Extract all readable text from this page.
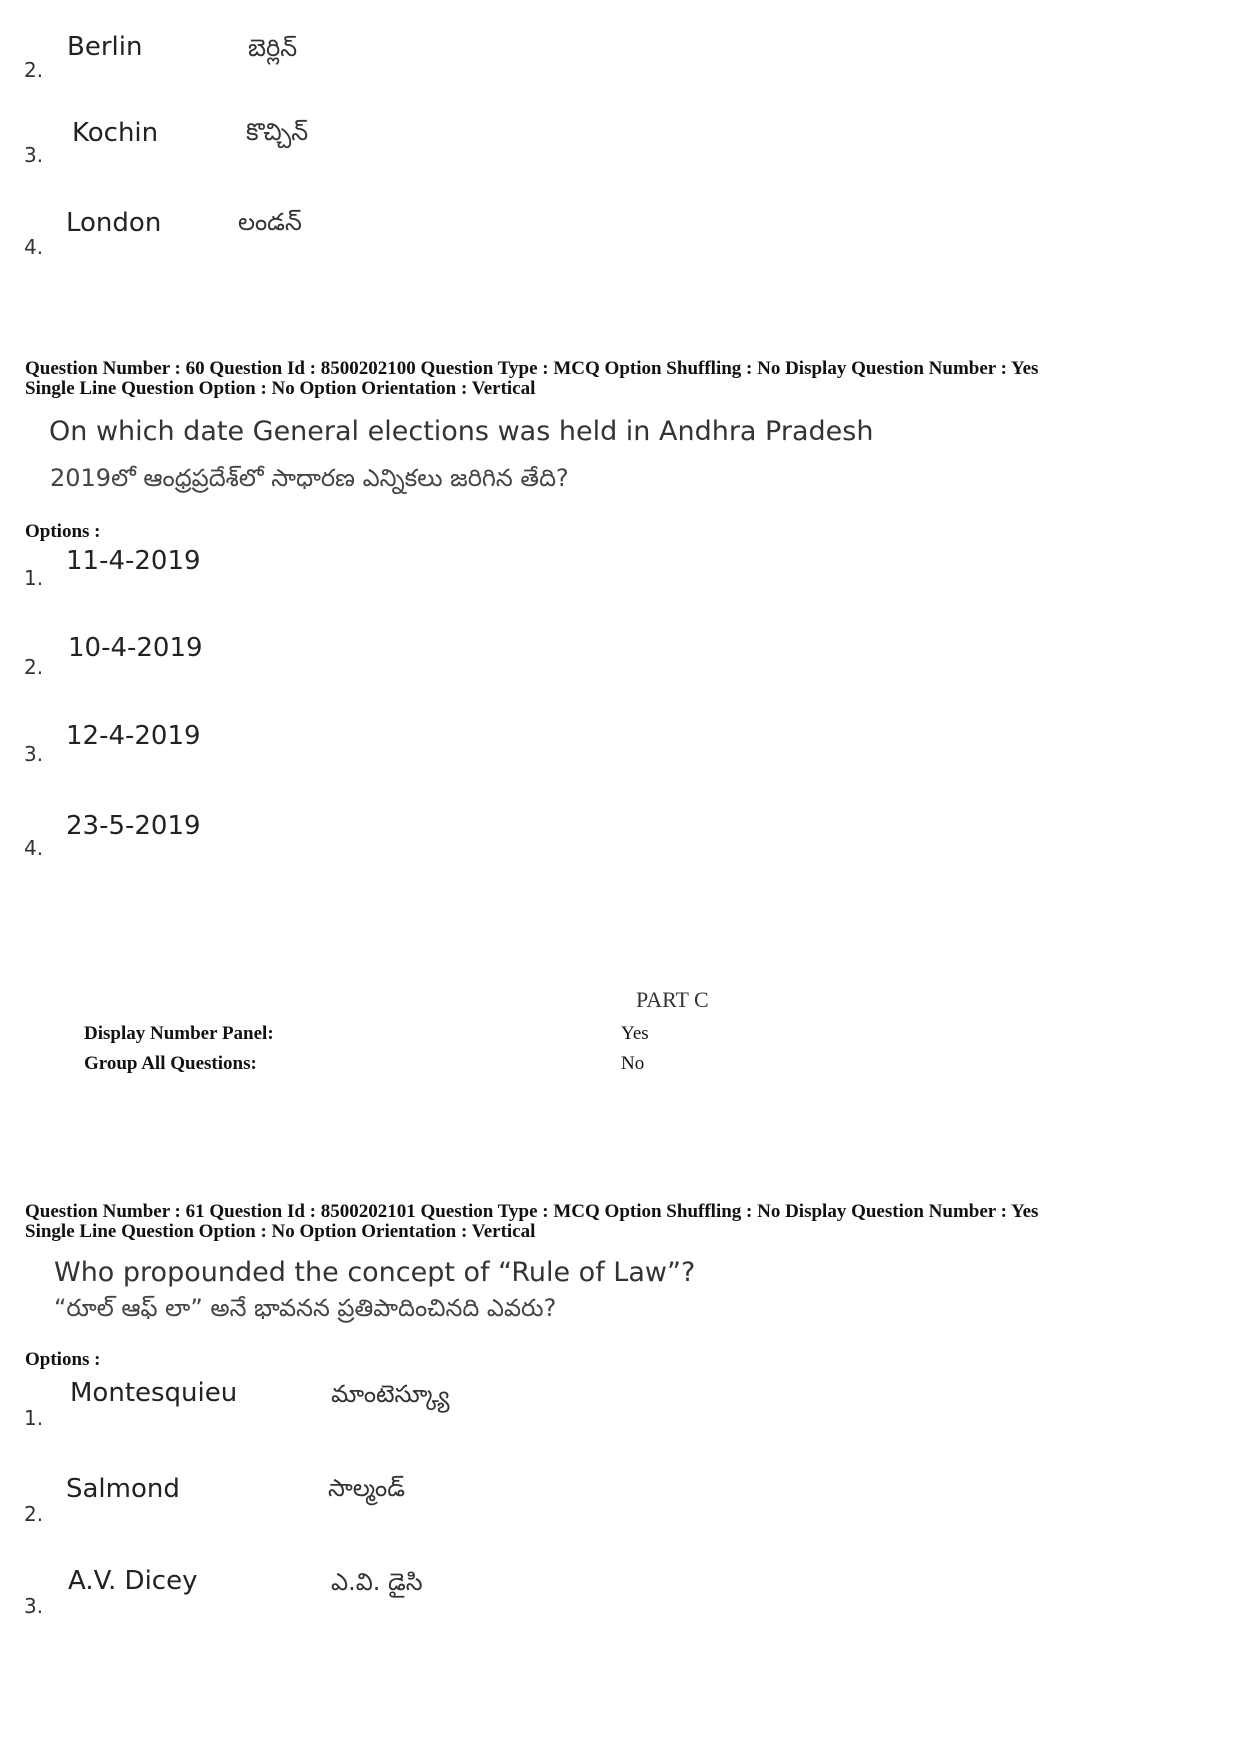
2.
Berlin	బెర్లిన్
3.
Kochin	కొచ్చిన్
4.
London	లండన్
Question Number : 60 Question Id : 8500202100 Question Type : MCQ Option Shuffling : No Display Question Number : Yes
Single Line Question Option : No Option Orientation : Vertical
On which date General elections was held in Andhra Pradesh
2019లో ఆంధ్రప్రదేశ్‌లో సాధారణ ఎన్నికలు జరిగిన తేది?
Options :
1.
11-4-2019
2.
10-4-2019
3.
12-4-2019
4.
23-5-2019
PART C
Display Number Panel:	Yes
Group All Questions:	No
Question Number : 61 Question Id : 8500202101 Question Type : MCQ Option Shuffling : No Display Question Number : Yes
Single Line Question Option : No Option Orientation : Vertical
Who propounded the concept of “Rule of Law”?
“రూల్ ఆఫ్ లా” అనే భావనన ప్రతిపాదించినది ఎవరు?
Options :
1.
Montesquieu	మాంటెస్క్యూ
2.
Salmond	సాల్మండ్
3.
A.V. Dicey	ఎ.వి. డైసి
